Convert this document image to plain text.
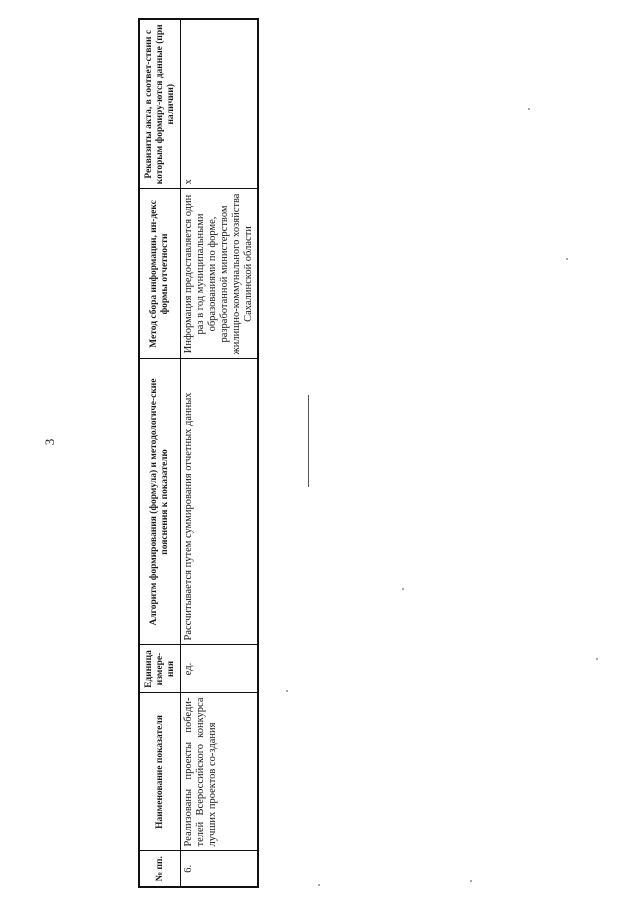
3
№ пп.	Наименование показателя	Единица измере-ния	Алгоритм формирования (формула) и методологиче-ские пояснения к показателю	Метод сбора информации, ин-декс формы отчетности	Реквизиты акта, в соответ-ствии с которым формиру-ются данные (при наличии)
6.	Реализованы проекты победи-телей Всероссийского конкурса лучших проектов со-здания	ед.	Рассчитывается путем суммирования отчетных данных	Информация предоставляется один раз в год муниципальными образованиями по форме, разработанной министерством жилищно-коммунального хозяйства Сахалинской области	х
